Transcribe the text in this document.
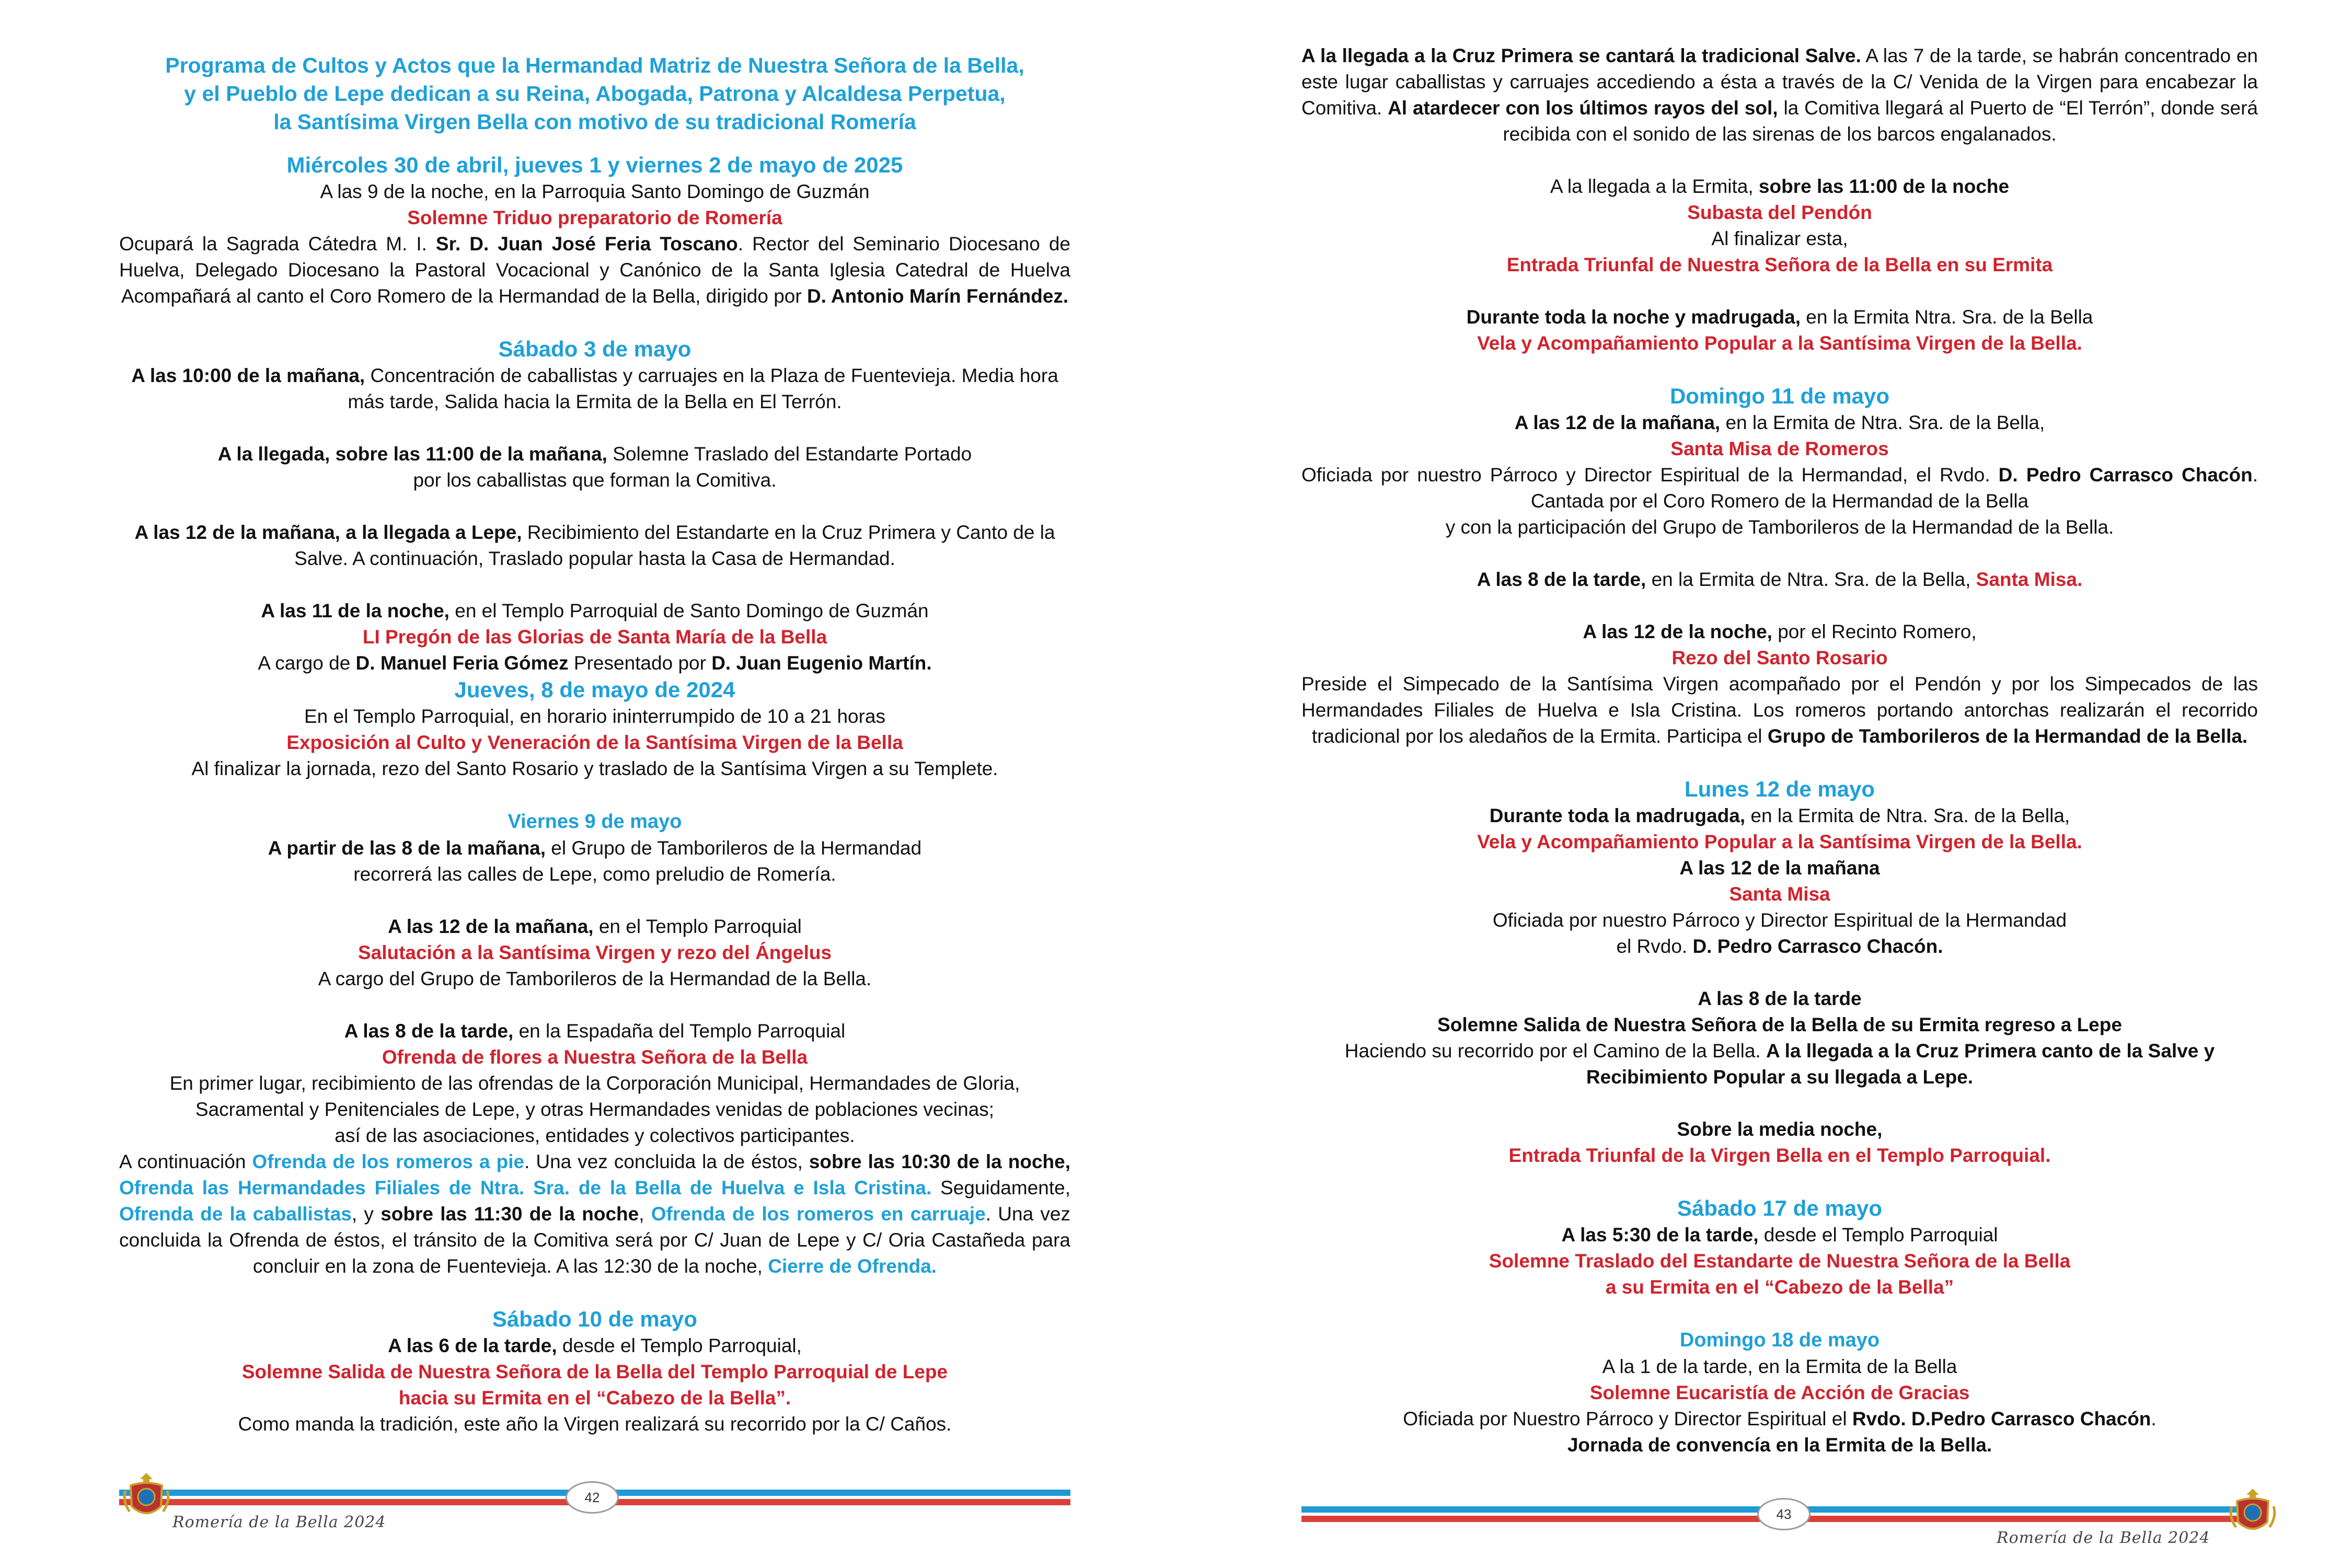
Programa de Cultos y Actos que la Hermandad Matriz de Nuestra Señora de la Bella,

y el Pueblo de Lepe dedican a su Reina, Abogada, Patrona y Alcaldesa Perpetua,

la Santísima Virgen Bella con motivo de su tradicional Romería

Miércoles 30 de abril, jueves 1 y viernes 2 de mayo de 2025

A las 9 de la noche, en la Parroquia Santo Domingo de Guzmán

Solemne Triduo preparatorio de Romería

Ocupará la Sagrada Cátedra M. I. Sr. D. Juan José Feria Toscano. Rector del Seminario Diocesano de Huelva, Delegado Diocesano la Pastoral Vocacional y Canónico de la Santa Iglesia Catedral de Huelva Acompañará al canto el Coro Romero de la Hermandad de la Bella, dirigido por D. Antonio Marín Fernández.

Sábado 3 de mayo

A las 10:00 de la mañana, Concentración de caballistas y carruajes en la Plaza de Fuentevieja. Media hora más tarde, Salida hacia la Ermita de la Bella en El Terrón.

A la llegada, sobre las 11:00 de la mañana, Solemne Traslado del Estandarte Portado

por los caballistas que forman la Comitiva.

A las 12 de la mañana, a la llegada a Lepe, Recibimiento del Estandarte en la Cruz Primera y Canto de la Salve. A continuación, Traslado popular hasta la Casa de Hermandad.

A las 11 de la noche, en el Templo Parroquial de Santo Domingo de Guzmán

LI Pregón de las Glorias de Santa María de la Bella

A cargo de D. Manuel Feria Gómez Presentado por D. Juan Eugenio Martín.

Jueves, 8 de mayo de 2024

En el Templo Parroquial, en horario ininterrumpido de 10 a 21 horas

Exposición al Culto y Veneración de la Santísima Virgen de la Bella

Al finalizar la jornada, rezo del Santo Rosario y traslado de la Santísima Virgen a su Templete.

Viernes 9 de mayo

A partir de las 8 de la mañana, el Grupo de Tamborileros de la Hermandad

recorrerá las calles de Lepe, como preludio de Romería.

A las 12 de la mañana, en el Templo Parroquial

Salutación a la Santísima Virgen y rezo del Ángelus

A cargo del Grupo de Tamborileros de la Hermandad de la Bella.

A las 8 de la tarde, en la Espadaña del Templo Parroquial

Ofrenda de flores a Nuestra Señora de la Bella

En primer lugar, recibimiento de las ofrendas de la Corporación Municipal, Hermandades de Gloria,

Sacramental y Penitenciales de Lepe, y otras Hermandades venidas de poblaciones vecinas;

así de las asociaciones, entidades y colectivos participantes.

A continuación Ofrenda de los romeros a pie. Una vez concluida la de éstos, sobre las 10:30 de la noche, Ofrenda las Hermandades Filiales de Ntra. Sra. de la Bella de Huelva e Isla Cristina. Seguidamente, Ofrenda de la caballistas, y sobre las 11:30 de la noche, Ofrenda de los romeros en carruaje. Una vez concluida la Ofrenda de éstos, el tránsito de la Comitiva será por C/ Juan de Lepe y C/ Oria Castañeda para concluir en la zona de Fuentevieja. A las 12:30 de la noche, Cierre de Ofrenda.

Sábado 10 de mayo

A las 6 de la tarde, desde el Templo Parroquial,

Solemne Salida de Nuestra Señora de la Bella del Templo Parroquial de Lepe

hacia su Ermita en el “Cabezo de la Bella”.

Como manda la tradición, este año la Virgen realizará su recorrido por la C/ Caños.

42
Romería de la Bella 2024

A la llegada a la Cruz Primera se cantará la tradicional Salve. A las 7 de la tarde, se habrán concentrado en este lugar caballistas y carruajes accediendo a ésta a través de la C/ Venida de la Virgen para encabezar la Comitiva. Al atardecer con los últimos rayos del sol, la Comitiva llegará al Puerto de “El Terrón”, donde será recibida con el sonido de las sirenas de los barcos engalanados.

A la llegada a la Ermita, sobre las 11:00 de la noche

Subasta del Pendón

Al finalizar esta,

Entrada Triunfal de Nuestra Señora de la Bella en su Ermita

Durante toda la noche y madrugada, en la Ermita Ntra. Sra. de la Bella

Vela y Acompañamiento Popular a la Santísima Virgen de la Bella.

Domingo 11 de mayo

A las 12 de la mañana, en la Ermita de Ntra. Sra. de la Bella,

Santa Misa de Romeros

Oficiada por nuestro Párroco y Director Espiritual de la Hermandad, el Rvdo. D. Pedro Carrasco Chacón. Cantada por el Coro Romero de la Hermandad de la Bella

y con la participación del Grupo de Tamborileros de la Hermandad de la Bella.

A las 8 de la tarde, en la Ermita de Ntra. Sra. de la Bella, Santa Misa.

A las 12 de la noche, por el Recinto Romero,

Rezo del Santo Rosario

Preside el Simpecado de la Santísima Virgen acompañado por el Pendón y por los Simpecados de las Hermandades Filiales de Huelva e Isla Cristina. Los romeros portando antorchas realizarán el recorrido tradicional por los aledaños de la Ermita. Participa el Grupo de Tamborileros de la Hermandad de la Bella.

Lunes 12 de mayo

Durante toda la madrugada, en la Ermita de Ntra. Sra. de la Bella,

Vela y Acompañamiento Popular a la Santísima Virgen de la Bella.

A las 12 de la mañana

Santa Misa

Oficiada por nuestro Párroco y Director Espiritual de la Hermandad

el Rvdo. D. Pedro Carrasco Chacón.

A las 8 de la tarde

Solemne Salida de Nuestra Señora de la Bella de su Ermita regreso a Lepe

Haciendo su recorrido por el Camino de la Bella. A la llegada a la Cruz Primera canto de la Salve y Recibimiento Popular a su llegada a Lepe.

Sobre la media noche,

Entrada Triunfal de la Virgen Bella en el Templo Parroquial.

Sábado 17 de mayo

A las 5:30 de la tarde, desde el Templo Parroquial

Solemne Traslado del Estandarte de Nuestra Señora de la Bella

a su Ermita en el “Cabezo de la Bella”

Domingo 18 de mayo

A la 1 de la tarde, en la Ermita de la Bella

Solemne Eucaristía de Acción de Gracias

Oficiada por Nuestro Párroco y Director Espiritual el Rvdo. D.Pedro Carrasco Chacón.

Jornada de convencía en la Ermita de la Bella.

43
Romería de la Bella 2024
